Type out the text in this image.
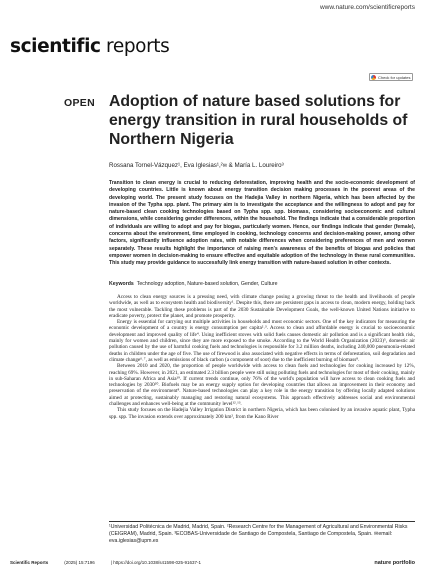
www.nature.com/scientificreports
scientific reports
Check for updates
OPEN Adoption of nature based solutions for energy transition in rural households of Northern Nigeria
Rossana Tornel-Vázquez¹, Eva Iglesias¹,²✉ & María L. Loureiro³

Transition to clean energy is crucial to reducing deforestation, improving health and the socio-economic development of developing countries. Little is known about energy transition decision making processes in the poorest areas of the developing world. The present study focuses on the Hadejia Valley in northern Nigeria, which has been affected by the invasion of the Typha spp. plant. The primary aim is to investigate the acceptance and the willingness to adopt and pay for nature-based clean cooking technologies based on Typha spp. spp. biomass, considering socioeconomic and cultural dimensions, while considering gender differences, within the household. The findings indicate that a considerable proportion of individuals are willing to adopt and pay for biogas, particularly women. Hence, our findings indicate that gender (female), concerns about the environment, time employed in cooking, technology concerns and decision-making power, among other factors, significantly influence adoption rates, with notable differences when considering preferences of men and women separately. These results highlight the importance of raising men's awareness of the benefits of biogas and policies that empower women in decision-making to ensure effective and equitable adoption of the technology in these rural communities. This study may provide guidance to successfully link energy transition with nature-based solution in other contexts.

Keywords Technology adoption, Nature-based solution, Gender, Culture

Access to clean energy sources is a pressing need, with climate change posing a growing threat to the health and livelihoods of people worldwide, as well as to ecosystem health and biodiversity¹. Despite this, there are persistent gaps in access to clean, modern energy, holding back the most vulnerable. Tackling these problems is part of the 2030 Sustainable Development Goals, the well-known United Nations initiative to eradicate poverty, protect the planet, and promote prosperity.

Energy is essential for carrying out multiple activities in households and most economic sectors. One of the key indicators for measuring the economic development of a country is energy consumption per capita²˒³. Access to clean and affordable energy is crucial to socioeconomic development and improved quality of life⁴. Using inefficient stoves with solid fuels causes domestic air pollution and is a significant health risk, mainly for women and children, since they are more exposed to the smoke. According to the World Health Organization (2023)⁵, domestic air pollution caused by the use of harmful cooking fuels and technologies is responsible for 3.2 million deaths, including 240,000 pneumonia-related deaths in children under the age of five. The use of firewood is also associated with negative effects in terms of deforestation, soil degradation and climate change⁶˒⁷, as well as emissions of black carbon (a component of soot) due to the inefficient burning of biomass⁸.

Between 2010 and 2020, the proportion of people worldwide with access to clean fuels and technologies for cooking increased by 12%, reaching 69%. However, in 2021, an estimated 2.3 billion people were still using polluting fuels and technologies for most of their cooking, mainly in sub-Saharan Africa and Asia¹⁹. If current trends continue, only 76% of the world's population will have access to clean cooking fuels and technologies by 2030²⁰. Biofuels may be an energy supply option for developing countries that allows an improvement in their economy and preservation of the environment⁸. Nature-based technologies can play a key role in the energy transition by offering locally adapted solutions aimed at protecting, sustainably managing and restoring natural ecosystems. This approach effectively addresses social and environmental challenges and enhances well-being at the community level¹²˒¹³.

This study focuses on the Hadejia Valley Irrigation District in northern Nigeria, which has been colonised by an invasive aquatic plant, Typha spp. spp. The invasion extends over approximately 200 km², from the Kano River

¹Universidad Politécnica de Madrid, Madrid, Spain. ²Research Centre for the Management of Agricultural and Environmental Risks (CEIGRAM), Madrid, Spain. ³ECOBAS-Universidade de Santiago de Compostela, Santiago de Compostela, Spain. ✉email: eva.iglesias@upm.es

Scientific Reports	(2025) 15:7196	| https://doi.org/10.1038/s41598-025-91637-1	nature portfolio
